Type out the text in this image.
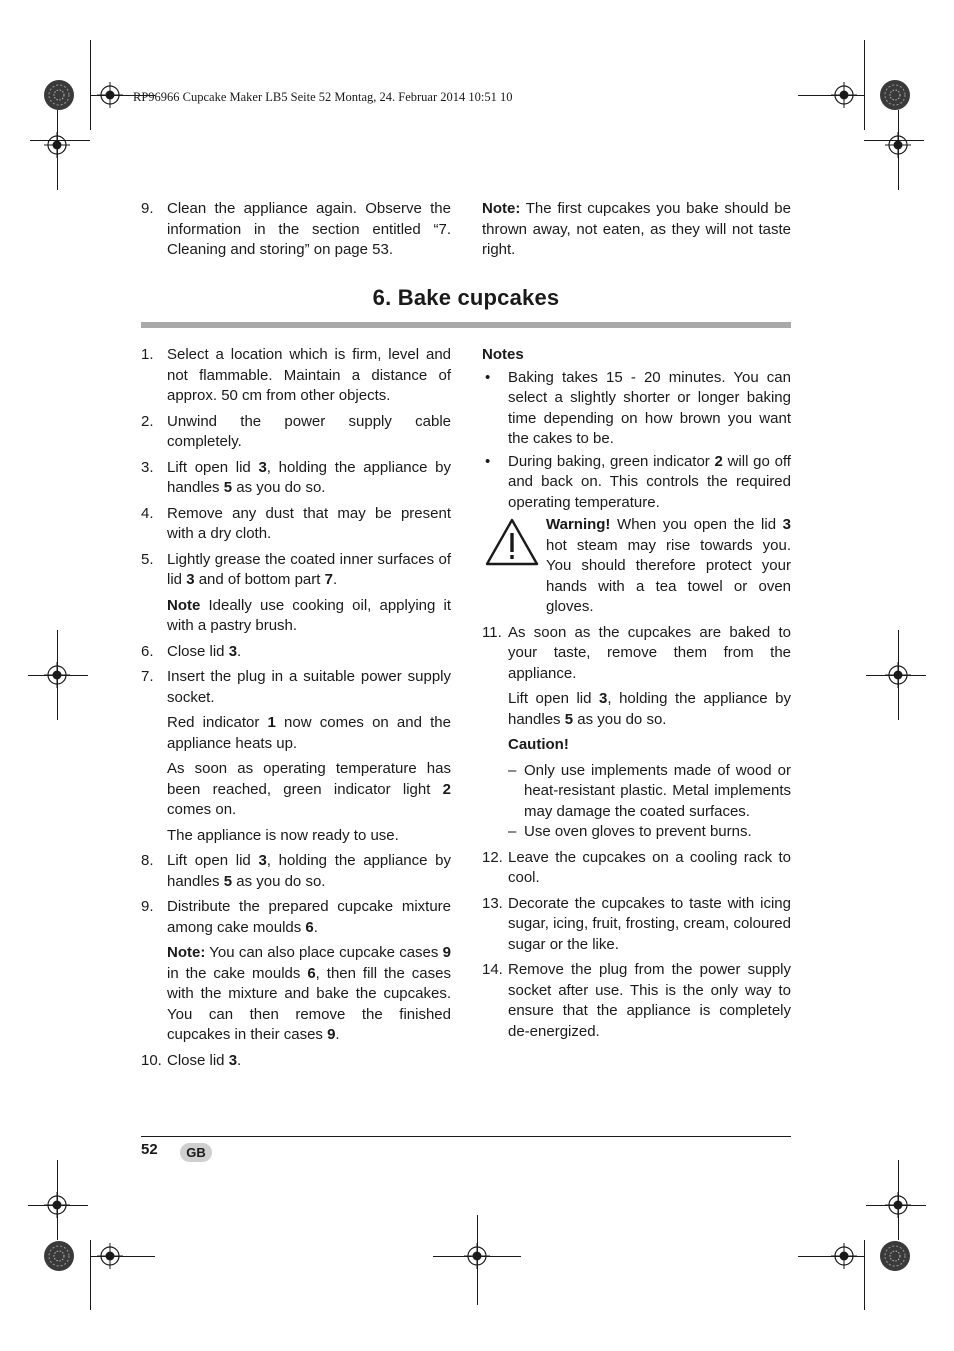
RP96966 Cupcake Maker LB5 Seite 52 Montag, 24. Februar 2014 10:51 10
9. Clean the appliance again. Observe the information in the section entitled “7. Cleaning and storing” on page 53.
Note: The first cupcakes you bake should be thrown away, not eaten, as they will not taste right.
6. Bake cupcakes
1. Select a location which is firm, level and not flammable. Maintain a distance of approx. 50 cm from other objects.
2. Unwind the power supply cable completely.
3. Lift open lid 3, holding the appliance by handles 5 as you do so.
4. Remove any dust that may be present with a dry cloth.
5. Lightly grease the coated inner surfaces of lid 3 and of bottom part 7.
Note Ideally use cooking oil, applying it with a pastry brush.
6. Close lid 3.
7. Insert the plug in a suitable power supply socket.
Red indicator 1 now comes on and the appliance heats up.
As soon as operating temperature has been reached, green indicator light 2 comes on.
The appliance is now ready to use.
8. Lift open lid 3, holding the appliance by handles 5 as you do so.
9. Distribute the prepared cupcake mixture among cake moulds 6.
Note: You can also place cupcake cases 9 in the cake moulds 6, then fill the cases with the mixture and bake the cupcakes. You can then remove the finished cupcakes in their cases 9.
10. Close lid 3.
Notes
• Baking takes 15 - 20 minutes. You can select a slightly shorter or longer baking time depending on how brown you want the cakes to be.
• During baking, green indicator 2 will go off and back on. This controls the required operating temperature.
Warning! When you open the lid 3 hot steam may rise towards you. You should therefore protect your hands with a tea towel or oven gloves.
11. As soon as the cupcakes are baked to your taste, remove them from the appliance.
Lift open lid 3, holding the appliance by handles 5 as you do so.
Caution!
– Only use implements made of wood or heat-resistant plastic. Metal implements may damage the coated surfaces.
– Use oven gloves to prevent burns.
12. Leave the cupcakes on a cooling rack to cool.
13. Decorate the cupcakes to taste with icing sugar, icing, fruit, frosting, cream, coloured sugar or the like.
14. Remove the plug from the power supply socket after use. This is the only way to ensure that the appliance is completely de-energized.
52	GB
